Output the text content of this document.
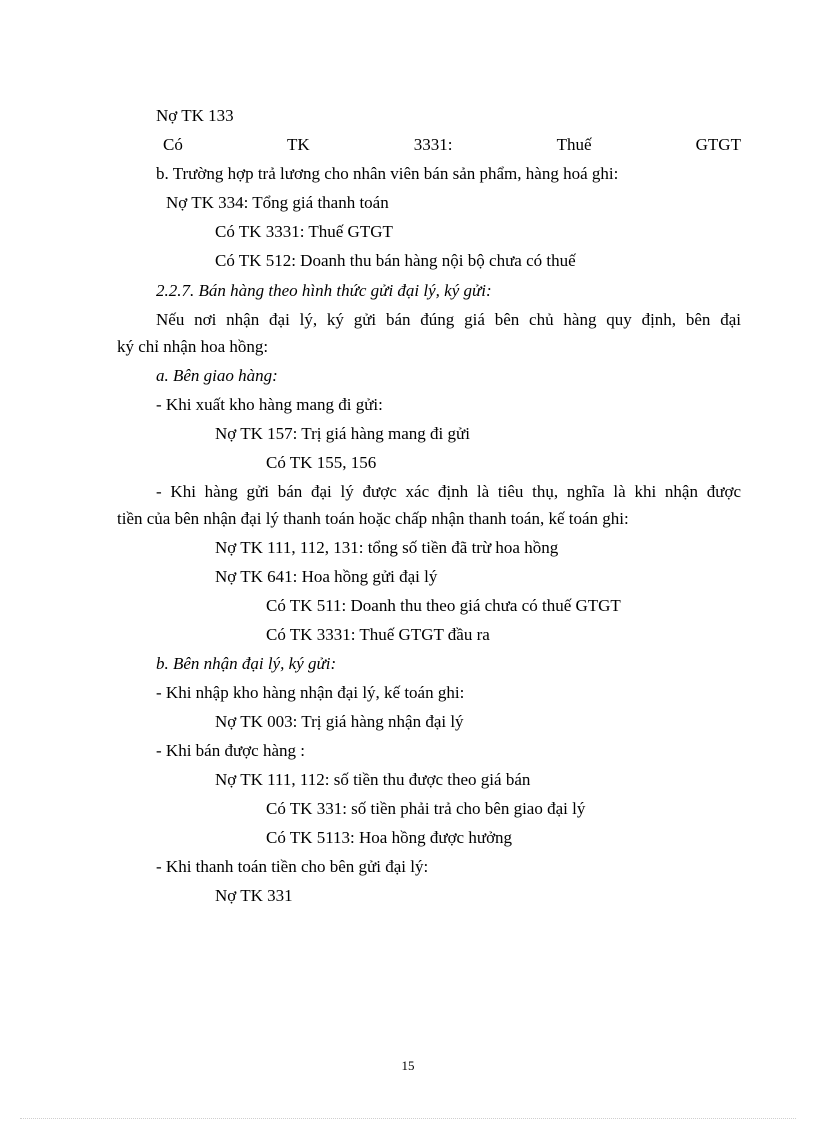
Nợ TK 133
Có	TK	3331:	Thuế	GTGT
b. Trường hợp trả lương cho nhân viên bán sản phẩm, hàng hoá ghi:
Nợ TK 334: Tổng giá thanh toán
Có TK 3331: Thuế GTGT
Có TK 512: Doanh thu bán hàng nội bộ chưa có thuế
2.2.7. Bán hàng theo hình thức gửi đại lý, ký gửi:
Nếu nơi nhận đại lý, ký gửi bán đúng giá bên chủ hàng quy định, bên đại
ký chỉ nhận hoa hồng:
a. Bên giao hàng:
- Khi xuất kho hàng mang đi gửi:
Nợ TK 157: Trị giá hàng mang đi gửi
Có TK 155, 156
- Khi hàng gửi bán đại lý được xác định là tiêu thụ, nghĩa là khi nhận được
tiền của bên nhận đại lý thanh toán hoặc chấp nhận thanh toán, kế toán ghi:
Nợ TK 111, 112, 131: tổng số tiền đã trừ hoa hồng
Nợ TK 641: Hoa hồng gửi đại lý
Có TK 511: Doanh thu theo giá chưa có thuế GTGT
Có TK 3331: Thuế GTGT đầu ra
b. Bên nhận đại lý, ký gửi:
- Khi nhập kho hàng nhận đại lý, kế toán ghi:
Nợ TK 003: Trị giá hàng nhận đại lý
- Khi bán được hàng :
Nợ TK 111, 112: số tiền thu được theo giá bán
Có TK 331: số tiền phải trả cho bên giao đại lý
Có TK 5113: Hoa hồng được hưởng
- Khi thanh toán tiền cho bên gửi đại lý:
Nợ TK 331
15
